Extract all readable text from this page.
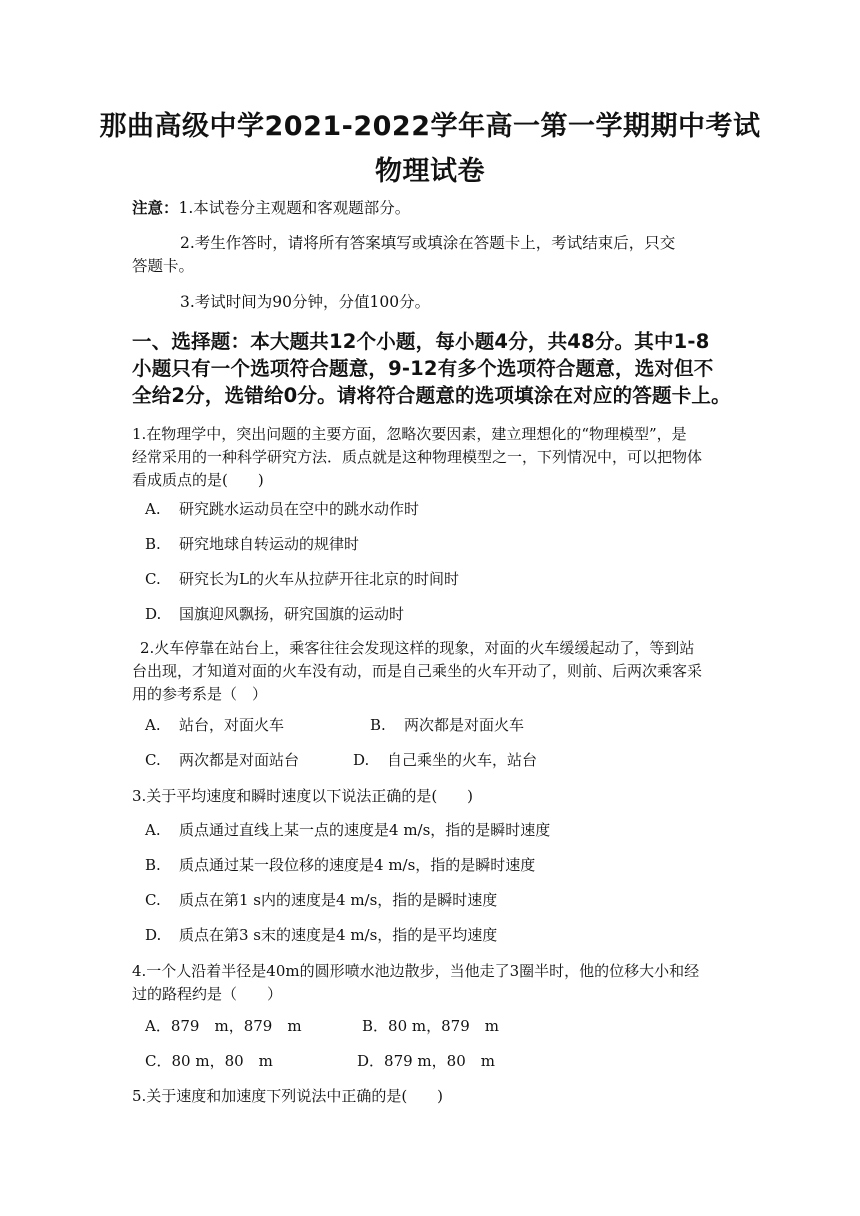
那曲高级中学2021-2022学年高一第一学期期中考试
物理试卷
注意：1.本试卷分主观题和客观题部分。
2.考生作答时，请将所有答案填写或填涂在答题卡上，考试结束后，只交
答题卡。
3.考试时间为90分钟，分值100分。
一、选择题：本大题共12个小题，每小题4分，共48分。其中1-8
小题只有一个选项符合题意，9-12有多个选项符合题意，选对但不
全给2分，选错给0分。请将符合题意的选项填涂在对应的答题卡上。
1.在物理学中，突出问题的主要方面，忽略次要因素，建立理想化的“物理模型”，是
经常采用的一种科学研究方法．质点就是这种物理模型之一，下列情况中，可以把物体
看成质点的是(　　)
A. 研究跳水运动员在空中的跳水动作时
B. 研究地球自转运动的规律时
C. 研究长为L的火车从拉萨开往北京的时间时
D. 国旗迎风飘扬，研究国旗的运动时
2.火车停靠在站台上，乘客往往会发现这样的现象，对面的火车缓缓起动了，等到站
台出现，才知道对面的火车没有动，而是自己乘坐的火车开动了，则前、后两次乘客采
用的参考系是（　）
A. 站台，对面火车	B. 两次都是对面火车
C. 两次都是对面站台	D. 自己乘坐的火车，站台
3.关于平均速度和瞬时速度以下说法正确的是(　　)
A. 质点通过直线上某一点的速度是4 m/s，指的是瞬时速度
B. 质点通过某一段位移的速度是4 m/s，指的是瞬时速度
C. 质点在第1 s内的速度是4 m/s，指的是瞬时速度
D. 质点在第3 s末的速度是4 m/s，指的是平均速度
4.一个人沿着半径是40m的圆形喷水池边散步，当他走了3圈半时，他的位移大小和经
过的路程约是（　　）
A．879　m，879　m	B．80 m，879　m
C．80 m，80　m	D．879 m，80　m
5.关于速度和加速度下列说法中正确的是(　　)
